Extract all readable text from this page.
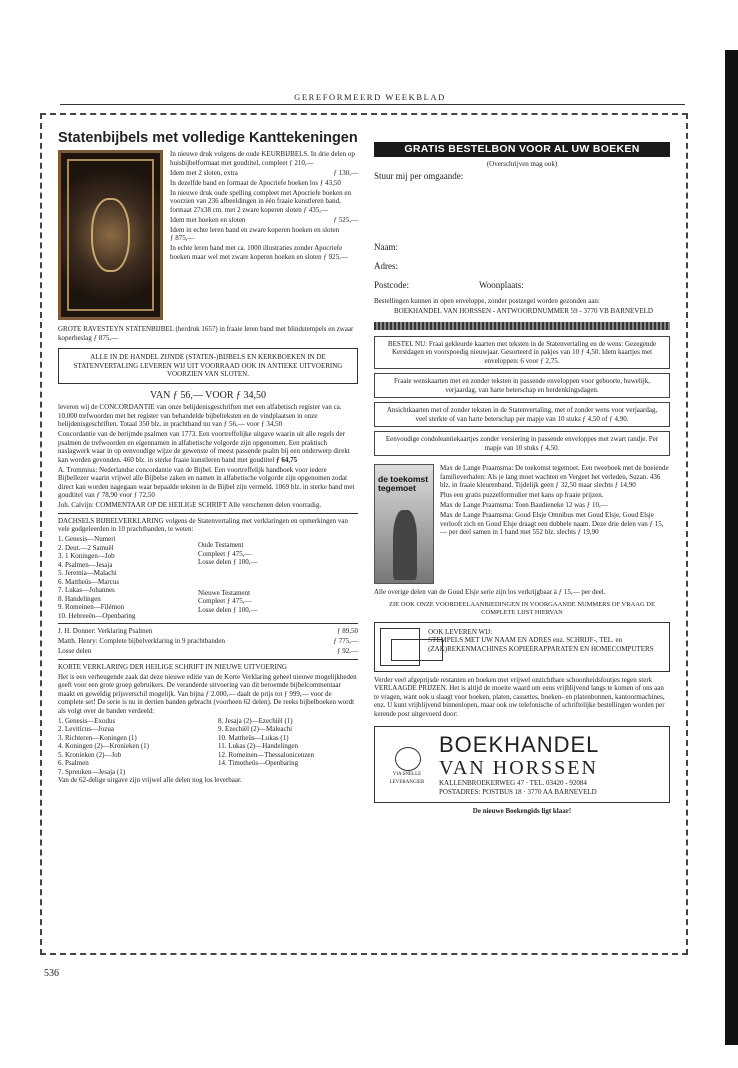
GEREFORMEERD WEEKBLAD
Statenbijbels met volledige Kanttekeningen

In nieuwe druk volgens de oude KEURBIJBELS. In drie delen op huisbijbelformaat met goudtitel, compleet ƒ 210,—

Idem met 2 sloten, extra	ƒ 130,—

In dezelfde band en formaat de Apocriefe boeken los ƒ 43,50

In nieuwe druk oude spelling compleet met Apocriefe boeken en voorzien van 236 afbeeldingen in één fraaie kunstleren band, formaat 27x38 cm. met 2 zware koperen sloten ƒ 435,—

Idem met hoeken en sloten	ƒ 525,—

Idem in echte leren band en zware koperen hoeken en sloten ƒ 875,—

In echte leren band met ca. 1000 illustraties zonder Apocriefe boeken maar wel met zware koperen hoeken en sloten ƒ 925,—

GROTE RAVESTEYN STATENBIJBEL (herdruk 1657) in fraaie leren band met blindstempels en zwaar koperbeslag ƒ 875,—

ALLE IN DE HANDEL ZIJNDE (STATEN-)BIJBELS EN KERKBOEKEN IN DE STATENVERTALING LEVEREN WIJ UIT VOORRAAD OOK IN ANTIEKE UITVOERING VOORZIEN VAN SLOTEN.
VAN ƒ 56,— VOOR ƒ 34,50

leveren wij de CONCORDANTIE van onze belijdenisgeschriften met een alfabetisch register van ca. 10.000 trefwoorden met het register van behandelde bijbelteksten en de vindplaatsen in onze belijdenisgeschriften. Totaal 350 blz. in prachtband nu van ƒ 56,— voor ƒ 34,50

Concordantie van de berijmde psalmen van 1773. Een voortreffelijke uitgave waarin uit alle regels der psalmen de trefwoorden en eigennamen in alfabetische volgorde zijn opgenomen. Een praktisch naslagwerk waar in op eenvoudige wijze de gewenste of meest passende psalm bij een onderwerp direkt kan worden gevonden. 460 blz. in sterke fraaie kunstleren band met goudtitel ƒ 64,75

A. Trommius: Nederlandse concordantie van de Bijbel. Een voortreffelijk handboek voor iedere Bijbellezer waarin vrijwel alle Bijbelse zaken en namen in alfabetische volgorde zijn opgenomen zodat direct kan worden nagegaan waar bepaalde teksten in de Bijbel zijn vermeld. 1069 blz. in sterke band met goudtitel van ƒ 78,90 voor ƒ 72,50

Joh. Calvijn: COMMENTAAR OP DE HEILIGE SCHRIFT Alle verschenen delen voorradig.

DACHSELS BIJBELVERKLARING volgens de Statenvertaling met verklaringen en opmerkingen van vele godgeleerden in 10 prachtbanden, te weten:

1. Genesis—Numeri
2. Deut.—2 Samuël
3. 1 Koningen—Job
4. Psalmen—Jesaja
5. Jeremia—Malachi
6. Mattheüs—Marcus
7. Lukas—Johannes
8. Handelingen
9. Romeinen—Filémon
10. Hebreeën—Openbaring
Oude Testament
Compleet ƒ 475,—
Losse delen ƒ 100,—
Nieuwe Testament
Compleet ƒ 475,—
Losse delen ƒ 100,—

J. H. Donner: Verklaring Psalmen	ƒ 89,50

Matth. Henry: Complete bijbelverklaring in 9 prachtbanden	ƒ 775,—

Losse delen	ƒ 92,—

KORTE VERKLARING DER HEILIGE SCHRIFT IN NIEUWE UITVOERING

Het is een verheugende zaak dat deze nieuwe editie van de Korte Verklaring geheel nieuwe mogelijkheden geeft voor een grote groep gebruikers. De veranderde uitvoering van dit beroemde bijbelcommentaar maakt en geweldig prijsverschil mogelijk. Van bijna ƒ 2.000,— daalt de prijs tot ƒ 999,— voor de complete set! De serie is nu in dertien banden gebracht (voorheen 62 delen). De reeks bijbelboeken wordt als volgt over de banden verdeeld:

1. Genesis—Exodus
2. Leviticus—Jozua
3. Richteren—Koningen (1)
4. Koningen (2)—Kronieken (1)
5. Kronieken (2)—Job
6. Psalmen
7. Spreuken—Jesaja (1)
8. Jesaja (2)—Ezechiël (1)
9. Ezechiël (2)—Maleachi
10. Mattheüs—Lukas (1)
11. Lukas (2)—Handelingen
12. Romeinen—Thessalonicenzen
14. Timotheüs—Openbaring

Van de 62-delige uitgave zijn vrijwel alle delen nog los leverbaar.

GRATIS BESTELBON VOOR AL UW BOEKEN
(Overschrijven mag ook)
Stuur mij per omgaande:
Naam:
Adres:
Postcode:	Woonplaats:

Bestellingen kunnen in open enveloppe, zonder postzegel worden gezonden aan:

BOEKHANDEL VAN HORSSEN - ANTWOORDNUMMER 59 - 3770 VB BARNEVELD

BESTEL NU: Fraai gekleurde kaarten met teksten in de Statenvertaling en de wens: Gezegende Kerstdagen en voorspoedig nieuwjaar. Gesorteerd in pakjes van 10 ƒ 4,50. Idem kaartjes met enveloppen: 6 voor ƒ 2,75.
Fraaie wenskaarten met en zonder teksten in passende enveloppen voor geboorte, huwelijk, verjaardag, van harte beterschap en herdenkingsdagen.
Ansichtkaarten met of zonder teksten in de Statenvertaling, met of zonder wens voor verjaardag, veel sterkte of van harte beterschap per mapje van 10 stuks ƒ 4,50 of ƒ 4,90.
Eenvoudige condoleantiekaartjes zonder versiering in passende enveloppes met zwart randje. Per mapje van 10 stuks ƒ 4,50.
de toekomst tegemoet

Max de Lange Praamsma: De toekomst tegemoet. Een tweeboek met de boeiende familieverhalen: Als je lang moet wachten en Vergeet het verleden, Suzan. 436 blz. in fraaie kleurenband. Tijdelijk geen ƒ 32,50 maar slechts ƒ 14,90

Plus een gratis puzzelformulier met kans op fraaie prijzen.

Max de Lange Praamsma: Toen Baudieneke 12 was ƒ 10,—

Max de Lange Praamsma: Goud Elsje Omnibus met Goud Elsje, Goud Elsje verlooft zich en Goud Elsje draagt een dubbele naam. Deze drie delen van ƒ 15,— per deel samen in 1 band met 552 blz. slechts ƒ 19,90

Alle overige delen van de Goud Elsje serie zijn los verkrijgbaar à ƒ 15,— per deel.

ZIE OOK ONZE VOORDEELAANBIEDINGEN IN VOORGAANDE NUMMERS OF VRAAG DE COMPLETE LIJST HIERVAN
OOK LEVEREN WIJ:
STEMPELS MET UW NAAM EN ADRES enz. SCHRIJF-, TEL. en (ZAK)REKENMACHINES KOPIEERAPPARATEN EN HOMECOMPUTERS

Verder veel afgeprijsde restanten en boeken met vrijwel onzichtbare schoonheidsfoutjes tegen sterk VERLAAGDE PRIJZEN. Het is altijd de moeite waard om eens vrijblijvend langs te komen of ons aan te vragen, want ook u slaagt voor boeken, platen, cassettes, boeken- en platenbonnen, kantoormachines, enz. U kunt vrijblijvend binnenlopen, maar ook uw telefonische of schriftelijke bestellingen worden per kerende post uitgevoerd door:

VIA SNELLE LEVERANCIER
BOEKHANDEL
VAN HORSSEN
KALLENBROEKERWEG 47 · TEL. 03420 - 92084
POSTADRES: POSTBUS 18 · 3770 AA BARNEVELD
De nieuwe Boekengids ligt klaar!
536
